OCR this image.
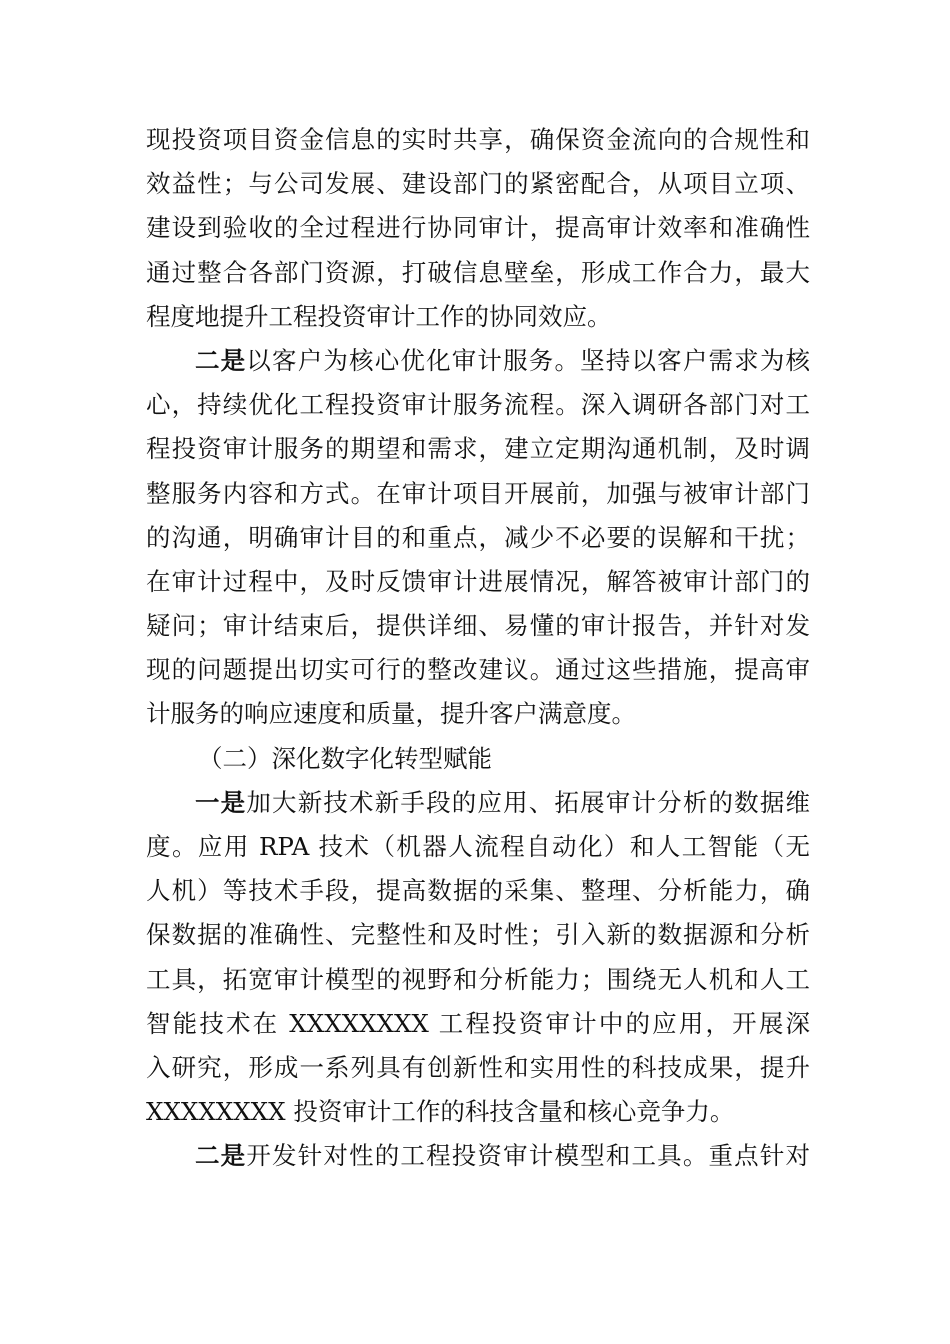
现投资项目资金信息的实时共享，确保资金流向的合规性和
效益性；与公司发展、建设部门的紧密配合，从项目立项、
建设到验收的全过程进行协同审计，提高审计效率和准确性
通过整合各部门资源，打破信息壁垒，形成工作合力，最大
程度地提升工程投资审计工作的协同效应。
二是以客户为核心优化审计服务。坚持以客户需求为核
心，持续优化工程投资审计服务流程。深入调研各部门对工
程投资审计服务的期望和需求，建立定期沟通机制，及时调
整服务内容和方式。在审计项目开展前，加强与被审计部门
的沟通，明确审计目的和重点，减少不必要的误解和干扰；
在审计过程中，及时反馈审计进展情况，解答被审计部门的
疑问；审计结束后，提供详细、易懂的审计报告，并针对发
现的问题提出切实可行的整改建议。通过这些措施，提高审
计服务的响应速度和质量，提升客户满意度。
（二）深化数字化转型赋能
一是加大新技术新手段的应用、拓展审计分析的数据维
度。应用 RPA 技术（机器人流程自动化）和人工智能（无
人机）等技术手段，提高数据的采集、整理、分析能力，确
保数据的准确性、完整性和及时性；引入新的数据源和分析
工具，拓宽审计模型的视野和分析能力；围绕无人机和人工
智能技术在 XXXXXXXX 工程投资审计中的应用，开展深
入研究，形成一系列具有创新性和实用性的科技成果，提升
XXXXXXXX 投资审计工作的科技含量和核心竞争力。
二是开发针对性的工程投资审计模型和工具。重点针对
